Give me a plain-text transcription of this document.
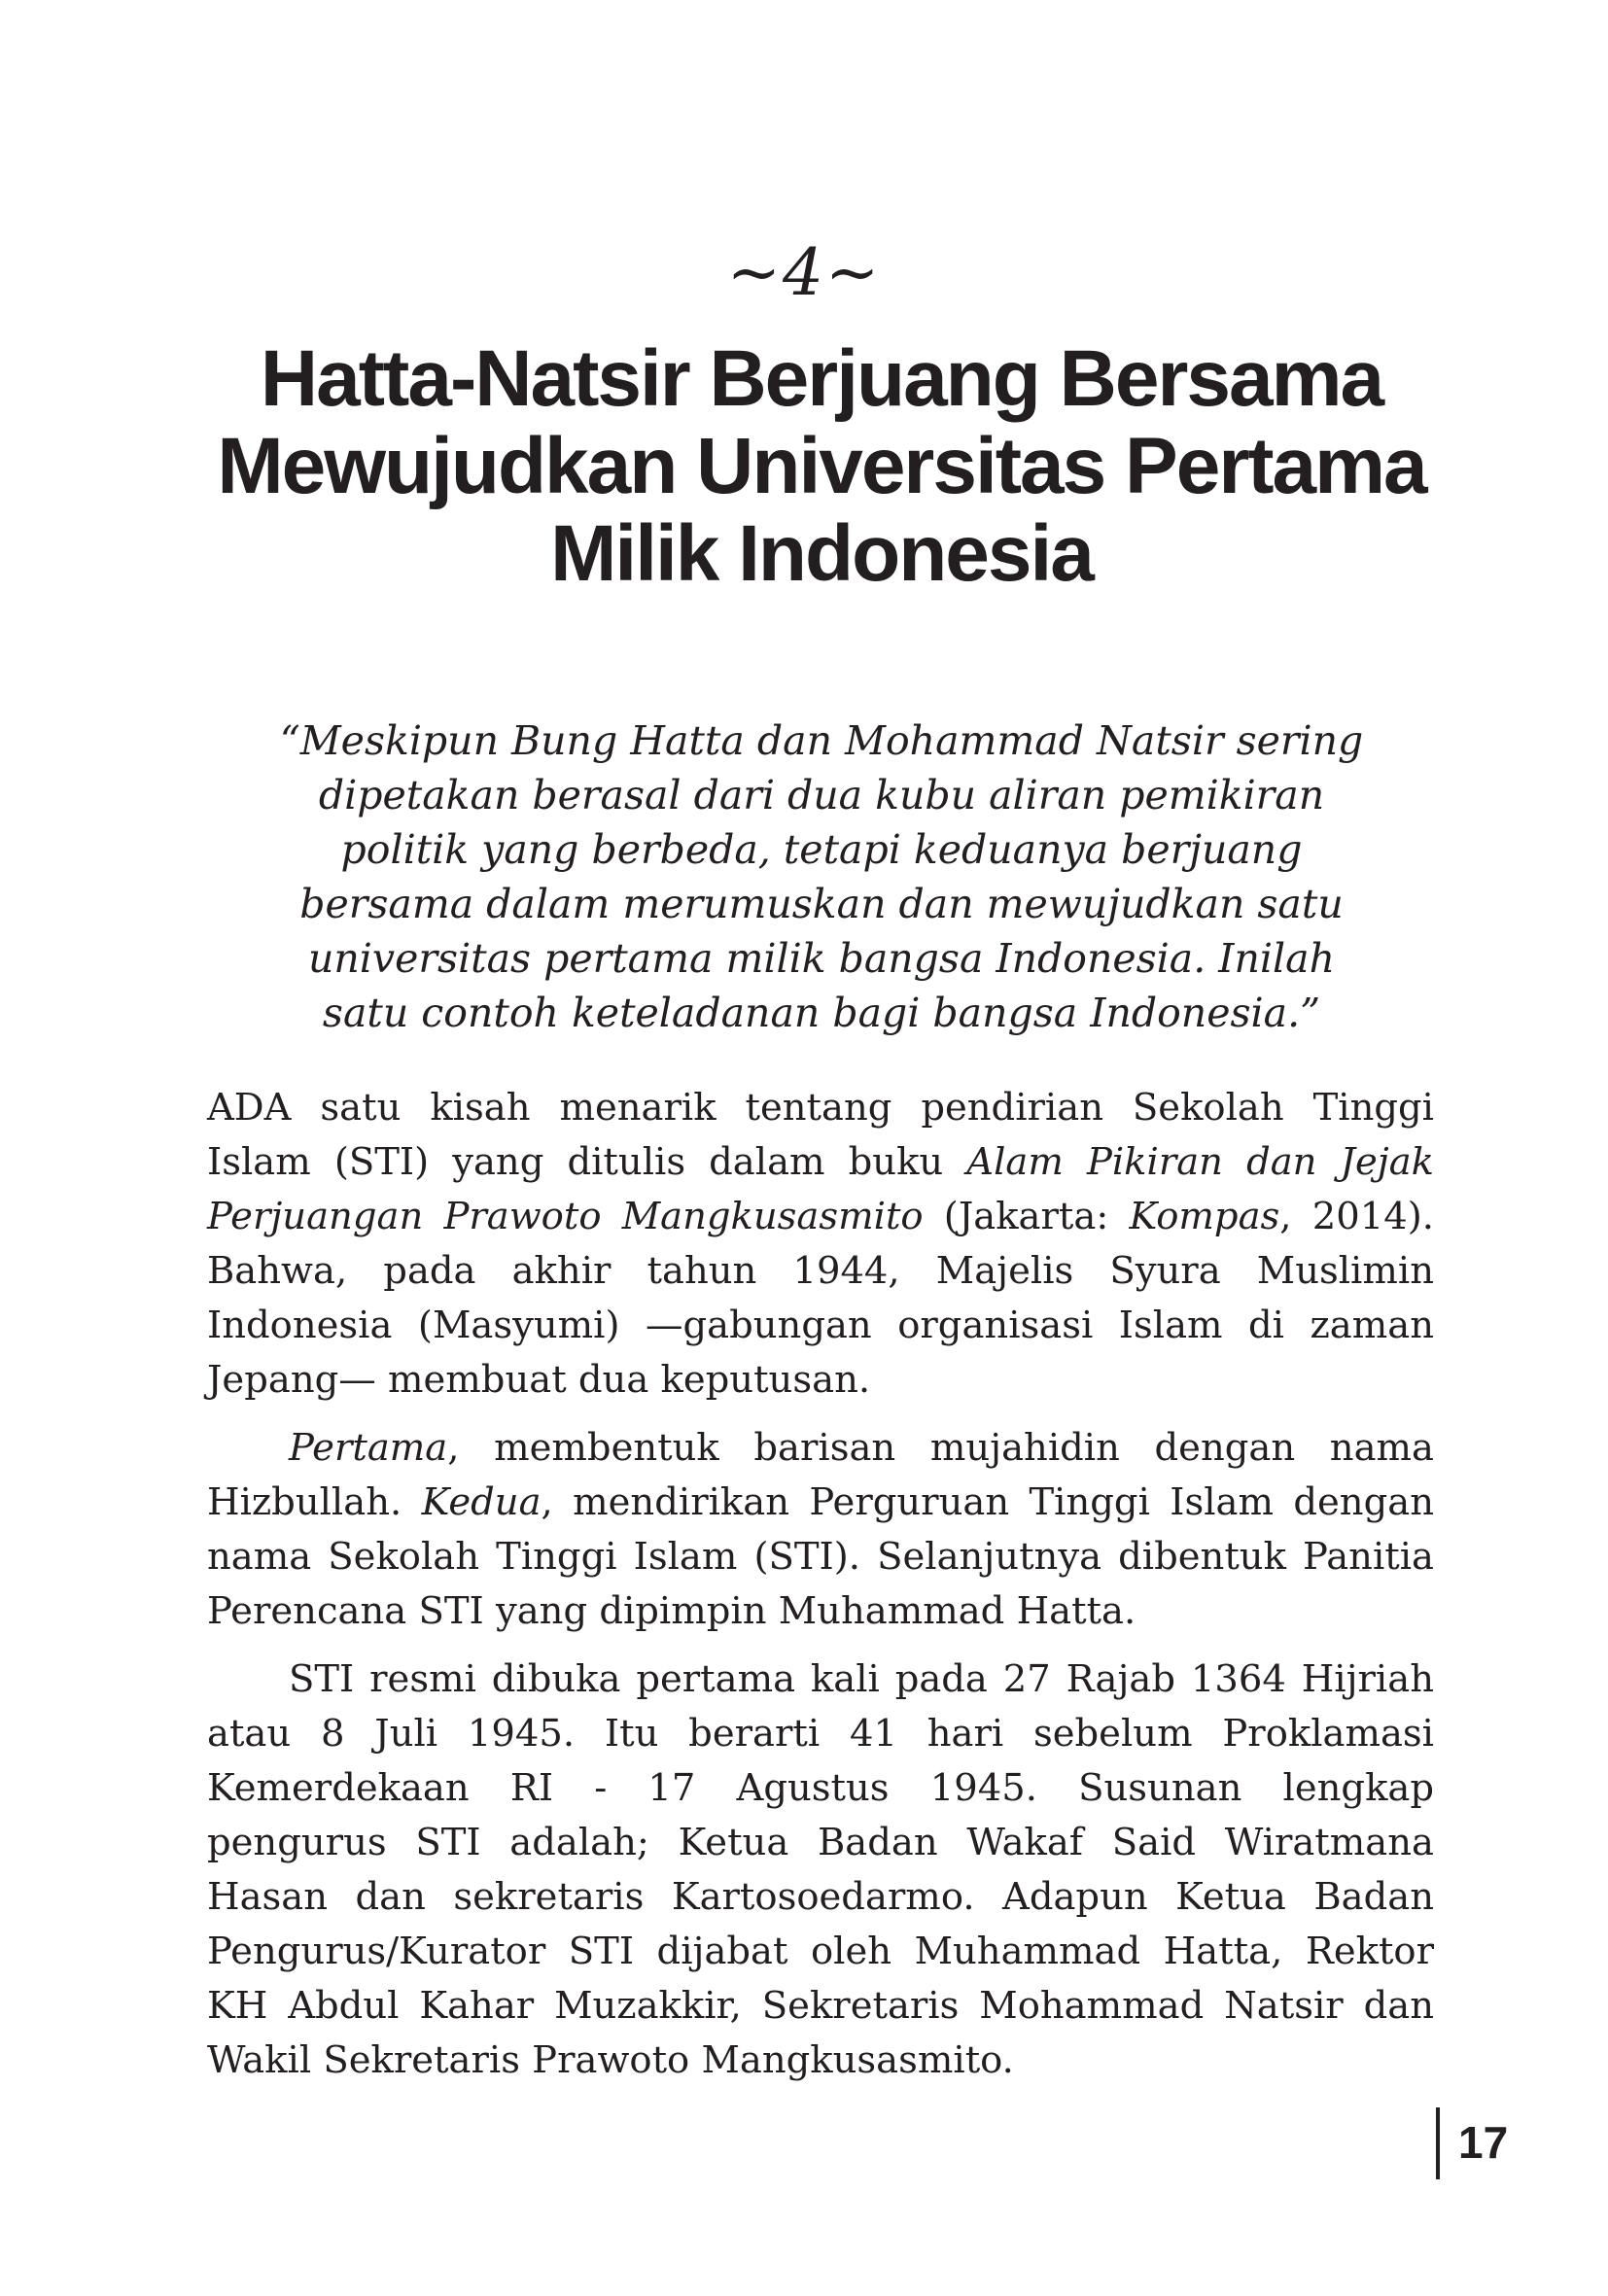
~4~
Hatta-Natsir Berjuang Bersama
Mewujudkan Universitas Pertama
Milik Indonesia
“Meskipun Bung Hatta dan Mohammad Natsir sering
dipetakan berasal dari dua kubu aliran pemikiran
politik yang berbeda, tetapi keduanya berjuang
bersama dalam merumuskan dan mewujudkan satu
universitas pertama milik bangsa Indonesia. Inilah
satu contoh keteladanan bagi bangsa Indonesia.”

ADA satu kisah menarik tentang pendirian Sekolah Tinggi
Islam (STI) yang ditulis dalam buku Alam Pikiran dan Jejak
Perjuangan Prawoto Mangkusasmito (Jakarta: Kompas, 2014).
Bahwa, pada akhir tahun 1944, Majelis Syura Muslimin
Indonesia (Masyumi) —gabungan organisasi Islam di zaman
Jepang— membuat dua keputusan.

Pertama, membentuk barisan mujahidin dengan nama
Hizbullah. Kedua, mendirikan Perguruan Tinggi Islam dengan
nama Sekolah Tinggi Islam (STI). Selanjutnya dibentuk Panitia
Perencana STI yang dipimpin Muhammad Hatta.

STI resmi dibuka pertama kali pada 27 Rajab 1364 Hijriah
atau 8 Juli 1945. Itu berarti 41 hari sebelum Proklamasi
Kemerdekaan RI - 17 Agustus 1945. Susunan lengkap
pengurus STI adalah; Ketua Badan Wakaf Said Wiratmana
Hasan dan sekretaris Kartosoedarmo. Adapun Ketua Badan
Pengurus/Kurator STI dijabat oleh Muhammad Hatta, Rektor
KH Abdul Kahar Muzakkir, Sekretaris Mohammad Natsir dan
Wakil Sekretaris Prawoto Mangkusasmito.

17
